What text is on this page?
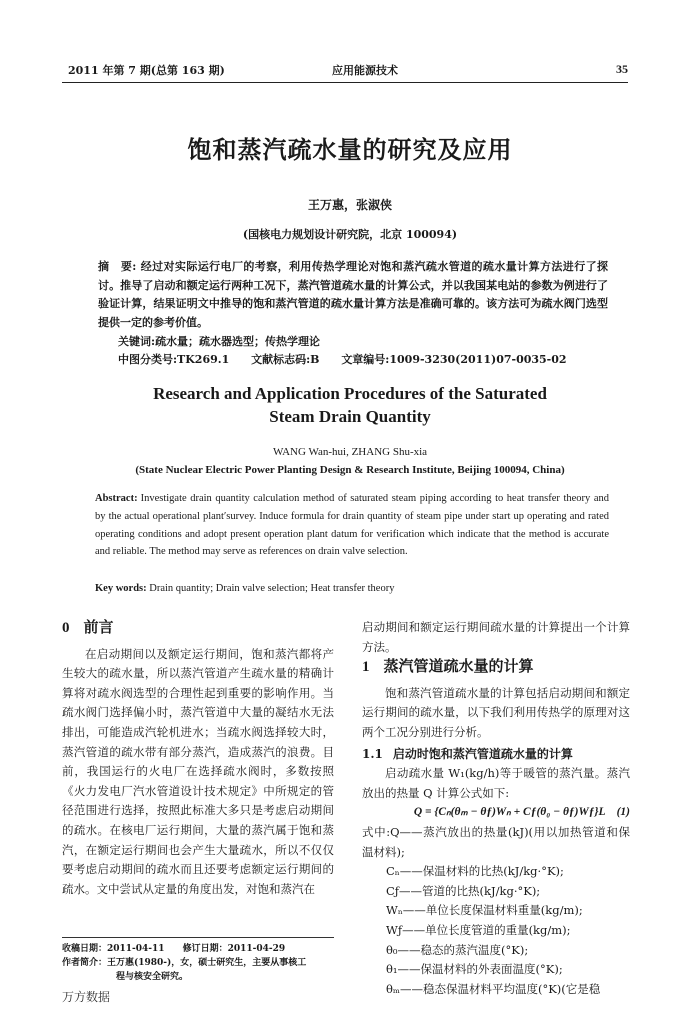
2011 年第 7 期(总第 163 期)	应用能源技术	35
饱和蒸汽疏水量的研究及应用
王万惠，张淑侠
(国核电力规划设计研究院，北京 100094)
摘　要: 经过对实际运行电厂的考察，利用传热学理论对饱和蒸汽疏水管道的疏水量计算方法进行了探讨。推导了启动和额定运行两种工况下，蒸汽管道疏水量的计算公式，并以我国某电站的参数为例进行了验证计算，结果证明文中推导的饱和蒸汽管道的疏水量计算方法是准确可靠的。该方法可为疏水阀门选型提供一定的参考价值。
关键词:疏水量；疏水器选型；传热学理论
中图分类号:TK269.1 文献标志码:B 文章编号:1009-3230(2011)07-0035-02
Research and Application Procedures of the Saturated
Steam Drain Quantity
WANG Wan-hui, ZHANG Shu-xia
(State Nuclear Electric Power Planting Design & Research Institute, Beijing 100094, China)
Abstract: Investigate drain quantity calculation method of saturated steam piping according to heat transfer theory and by the actual operational plant′survey. Induce formula for drain quantity of steam pipe under start up operating and rated operating conditions and adopt present operation plant datum for verification which indicate that the method is accurate and reliable. The method may serve as references on drain valve selection.
Key words: Drain quantity; Drain valve selection; Heat transfer theory
0 前言

在启动期间以及额定运行期间，饱和蒸汽都将产生较大的疏水量，所以蒸汽管道产生疏水量的精确计算将对疏水阀选型的合理性起到重要的影响作用。当疏水阀门选择偏小时，蒸汽管道中大量的凝结水无法排出，可能造成汽轮机进水；当疏水阀选择较大时，蒸汽管道的疏水带有部分蒸汽，造成蒸汽的浪费。目前，我国运行的火电厂在选择疏水阀时，多数按照《火力发电厂汽水管道设计技术规定》中所规定的管径范围进行选择，按照此标准大多只是考虑启动期间的疏水。在核电厂运行期间，大量的蒸汽属于饱和蒸汽，在额定运行期间也会产生大量疏水，所以不仅仅要考虑启动期间的疏水而且还要考虑额定运行期间的疏水。文中尝试从定量的角度出发，对饱和蒸汽在

启动期间和额定运行期间疏水量的计算提出一个计算方法。

1 蒸汽管道疏水量的计算

饱和蒸汽管道疏水量的计算包括启动期间和额定运行期间的疏水量，以下我们利用传热学的原理对这两个工况分别进行分析。

1.1 启动时饱和蒸汽管道疏水量的计算

启动疏水量 W₁(kg/h)等于暖管的蒸汽量。蒸汽放出的热量 Q 计算公式如下:

Q = {Cₙ(θₘ − θƒ)Wₙ + Cƒ(θ₀ − θƒ)Wƒ}L　(1)

式中:Q——蒸汽放出的热量(kJ)(用以加热管道和保温材料);

Cₙ——保温材料的比热(kJ/kg·°K);

Cƒ——管道的比热(kJ/kg·°K);

Wₙ——单位长度保温材料重量(kg/m);

Wƒ——单位长度管道的重量(kg/m);

θ₀——稳态的蒸汽温度(°K);

θ₁——保温材料的外表面温度(°K);

θₘ——稳态保温材料平均温度(°K)(它是稳

收稿日期：2011-04-11　　修订日期：2011-04-29

作者简介：王万惠(1980-)，女，硕士研究生，主要从事核工

程与核安全研究。

万方数据
